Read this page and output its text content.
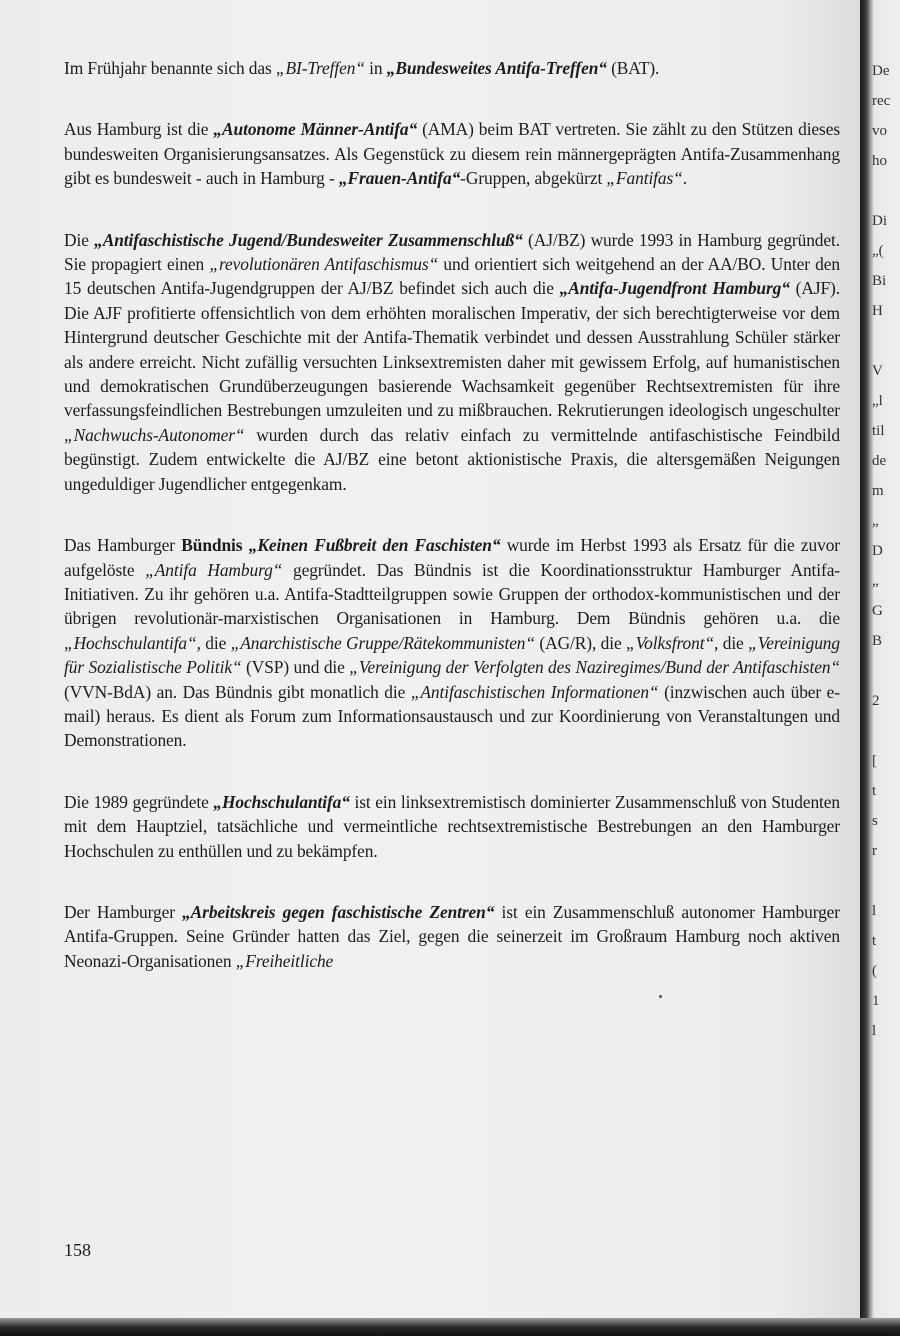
Im Frühjahr benannte sich das „BI-Treffen“ in „Bundesweites Antifa-Treffen“ (BAT).

Aus Hamburg ist die „Autonome Männer-Antifa“ (AMA) beim BAT vertreten. Sie zählt zu den Stützen dieses bundesweiten Organisierungsansatzes. Als Gegenstück zu diesem rein männergeprägten Antifa-Zusammenhang gibt es bundesweit - auch in Hamburg - „Frauen-Antifa“-Gruppen, abgekürzt „Fantifas“.

Die „Antifaschistische Jugend/Bundesweiter Zusammenschluß“ (AJ/BZ) wurde 1993 in Hamburg gegründet. Sie propagiert einen „revolutionären Antifaschismus“ und orientiert sich weitgehend an der AA/BO. Unter den 15 deutschen Antifa-Jugendgruppen der AJ/BZ befindet sich auch die „Antifa-Jugendfront Hamburg“ (AJF). Die AJF profitierte offensichtlich von dem erhöhten moralischen Imperativ, der sich berechtigterweise vor dem Hintergrund deutscher Geschichte mit der Antifa-Thematik verbindet und dessen Ausstrahlung Schüler stärker als andere erreicht. Nicht zufällig versuchten Linksextremisten daher mit gewissem Erfolg, auf humanistischen und demokratischen Grundüberzeugungen basierende Wachsamkeit gegenüber Rechtsextremisten für ihre verfassungsfeindlichen Bestrebungen umzuleiten und zu mißbrauchen. Rekrutierungen ideologisch ungeschulter „Nachwuchs-Autonomer“ wurden durch das relativ einfach zu vermittelnde antifaschistische Feindbild begünstigt. Zudem entwickelte die AJ/BZ eine betont aktionistische Praxis, die altersgemäßen Neigungen ungeduldiger Jugendlicher entgegenkam.

Das Hamburger Bündnis „Keinen Fußbreit den Faschisten“ wurde im Herbst 1993 als Ersatz für die zuvor aufgelöste „Antifa Hamburg“ gegründet. Das Bündnis ist die Koordinationsstruktur Hamburger Antifa-Initiativen. Zu ihr gehören u.a. Antifa-Stadtteilgruppen sowie Gruppen der orthodox-kommunistischen und der übrigen revolutionär-marxistischen Organisationen in Hamburg. Dem Bündnis gehören u.a. die „Hochschulantifa“, die „Anarchistische Gruppe/Rätekommunisten“ (AG/R), die „Volksfront“, die „Vereinigung für Sozialistische Politik“ (VSP) und die „Vereinigung der Verfolgten des Naziregimes/Bund der Antifaschisten“ (VVN-BdA) an. Das Bündnis gibt monatlich die „Antifaschistischen Informationen“ (inzwischen auch über e-mail) heraus. Es dient als Forum zum Informationsaustausch und zur Koordinierung von Veranstaltungen und Demonstrationen.

Die 1989 gegründete „Hochschulantifa“ ist ein linksextremistisch dominierter Zusammenschluß von Studenten mit dem Hauptziel, tatsächliche und vermeintliche rechtsextremistische Bestrebungen an den Hamburger Hochschulen zu enthüllen und zu bekämpfen.

Der Hamburger „Arbeitskreis gegen faschistische Zentren“ ist ein Zusammenschluß autonomer Hamburger Antifa-Gruppen. Seine Gründer hatten das Ziel, gegen die seinerzeit im Großraum Hamburg noch aktiven Neonazi-Organisationen „Freiheitliche

158
De
rec
vo
ho
Di
„(
Bi
H
V
„l
til
de
m
„
D
„
G
B
2
[
t
s
r
l
t
(
1
l
